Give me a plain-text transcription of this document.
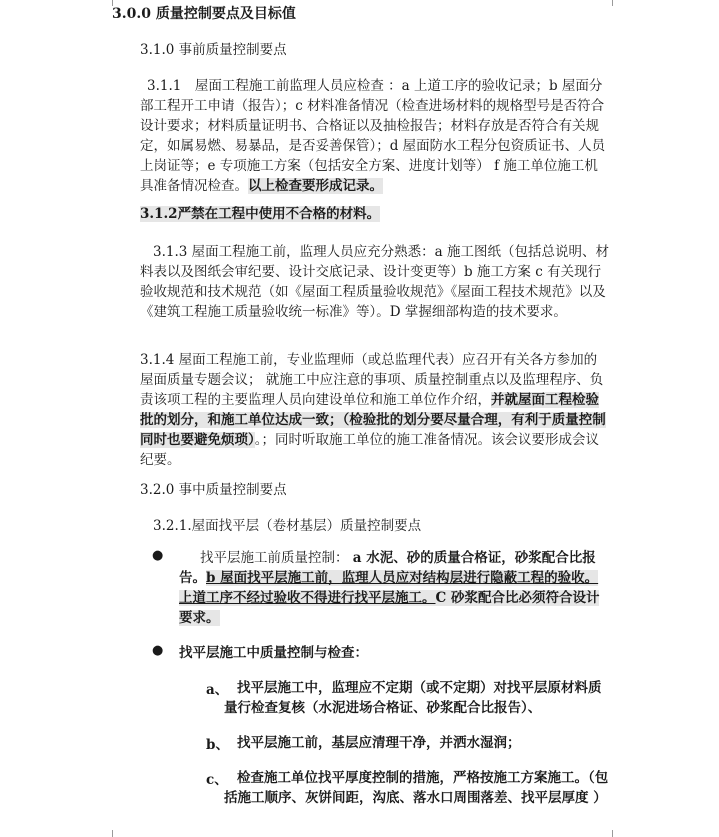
3.0.0 质量控制要点及目标值
3.1.0 事前质量控制要点
3.1.1　屋面工程施工前监理人员应检查 ：a 上道工序的验收记录；b 屋面分部工程开工申请（报告）；c 材料准备情况（检查进场材料的规格型号是否符合设计要求；材料质量证明书、合格证以及抽检报告；材料存放是否符合有关规定，如属易燃、易暴品，是否妥善保管）；d 屋面防水工程分包资质证书、人员上岗证等；e 专项施工方案（包括安全方案、进度计划等） f 施工单位施工机具准备情况检查。以上检查要形成记录。
3.1.2严禁在工程中使用不合格的材料。
3.1.3 屋面工程施工前，监理人员应充分熟悉：a 施工图纸（包括总说明、材料表以及图纸会审纪要、设计交底记录、设计变更等）b 施工方案 c 有关现行验收规范和技术规范（如《屋面工程质量验收规范》《屋面工程技术规范》以及《建筑工程施工质量验收统一标准》等）。D 掌握细部构造的技术要求。
3.1.4 屋面工程施工前，专业监理师（或总监理代表）应召开有关各方参加的屋面质量专题会议； 就施工中应注意的事项、质量控制重点以及监理程序、负责该项工程的主要监理人员向建设单位和施工单位作介绍，并就屋面工程检验批的划分，和施工单位达成一致；（检验批的划分要尽量合理，有利于质量控制同时也要避免烦琐）。；同时听取施工单位的施工准备情况。该会议要形成会议纪要。
3.2.0 事中质量控制要点
3.2.1.屋面找平层（卷材基层）质量控制要点
●	找平层施工前质量控制： a 水泥、砂的质量合格证，砂浆配合比报告。b 屋面找平层施工前，监理人员应对结构层进行隐蔽工程的验收。上道工序不经过验收不得进行找平层施工。C 砂浆配合比必须符合设计要求。
● 找平层施工中质量控制与检查：
a、 找平层施工中，监理应不定期（或不定期）对找平层原材料质量行检查复核（水泥进场合格证、砂浆配合比报告）、
b、 找平层施工前，基层应清理干净，并洒水湿润；
c、 检查施工单位找平厚度控制的措施，严格按施工方案施工。（包括施工顺序、灰饼间距，沟底、落水口周围落差、找平层厚度 ）
